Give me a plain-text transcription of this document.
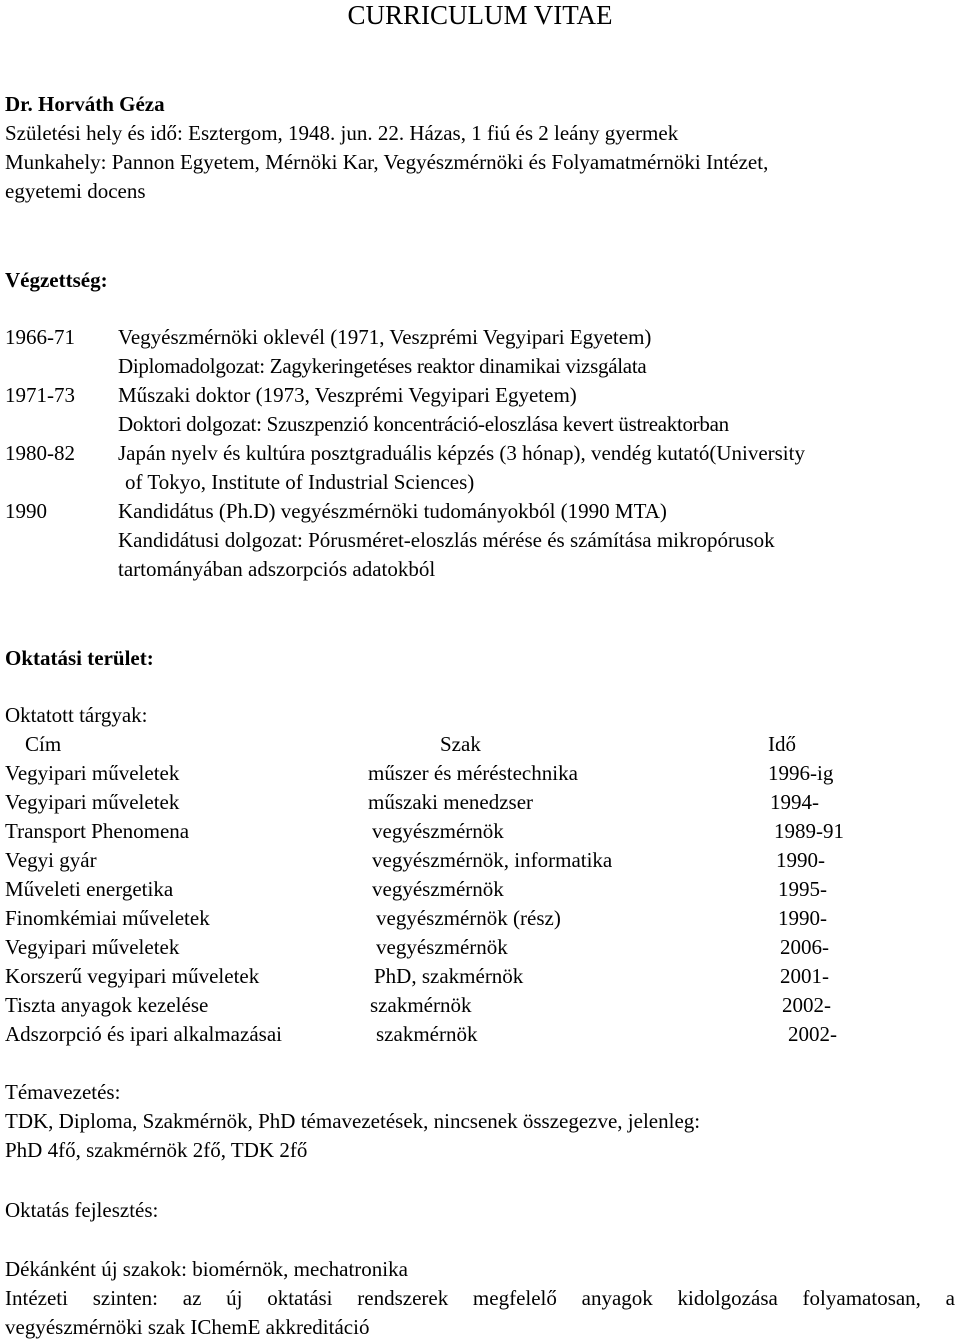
CURRICULUM VITAE
Dr. Horváth Géza
Születési hely és idő: Esztergom, 1948. jun. 22. Házas, 1 fiú és 2 leány gyermek
Munkahely: Pannon Egyetem, Mérnöki Kar, Vegyészmérnöki és Folyamatmérnöki Intézet,
egyetemi docens
Végzettség:
1966-71 Vegyészmérnöki oklevél (1971, Veszprémi Vegyipari Egyetem)
Diplomadolgozat: Zagykeringetéses reaktor dinamikai vizsgálata
1971-73 Műszaki doktor (1973, Veszprémi Vegyipari Egyetem)
Doktori dolgozat: Szuszpenzió koncentráció-eloszlása kevert üstreaktorban
1980-82 Japán nyelv és kultúra posztgraduális képzés (3 hónap), vendég kutató(University
of Tokyo, Institute of Industrial Sciences)
1990	Kandidátus (Ph.D) vegyészmérnöki tudományokból (1990 MTA)
Kandidátusi dolgozat: Pórusméret-eloszlás mérése és számítása mikropórusok
tartományában adszorpciós adatokból
Oktatási terület:
Oktatott tárgyak:
Cím	Szak	Idő
Vegyipari műveletek	műszer és méréstechnika	1996-ig
Vegyipari műveletek	műszaki menedzser	1994-
Transport Phenomena	vegyészmérnök	1989-91
Vegyi gyár	vegyészmérnök, informatika	1990-
Műveleti energetika	vegyészmérnök	1995-
Finomkémiai műveletek	vegyészmérnök (rész)	1990-
Vegyipari műveletek	vegyészmérnök	2006-
Korszerű vegyipari műveletek	PhD, szakmérnök	2001-
Tiszta anyagok kezelése	szakmérnök	2002-
Adszorpció és ipari alkalmazásai	szakmérnök	2002-
Témavezetés:
TDK, Diploma, Szakmérnök, PhD témavezetések, nincsenek összegezve, jelenleg:
PhD 4fő, szakmérnök 2fő, TDK 2fő
Oktatás fejlesztés:
Dékánként új szakok: biomérnök, mechatronika
Intézeti szinten: az új oktatási rendszerek megfelelő anyagok kidolgozása folyamatosan, a
vegyészmérnöki szak IChemE akkreditáció
